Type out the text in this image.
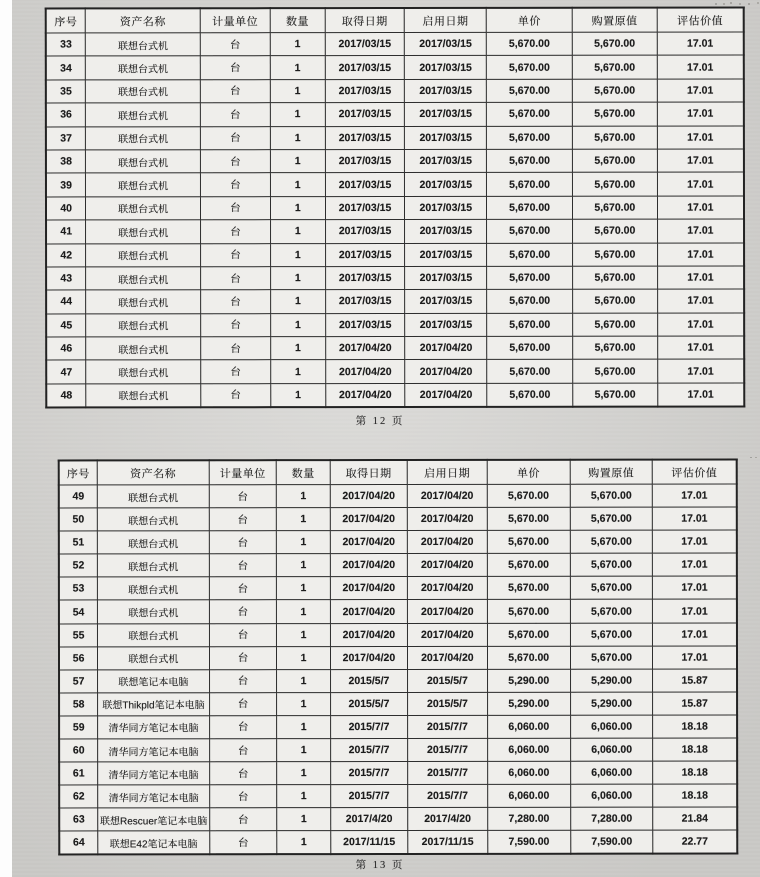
序号	资产名称	计量单位	数量	取得日期	启用日期	单价	购置原值	评估价值
33	联想台式机	台	1	2017/03/15	2017/03/15	5,670.00	5,670.00	17.01
34	联想台式机	台	1	2017/03/15	2017/03/15	5,670.00	5,670.00	17.01
35	联想台式机	台	1	2017/03/15	2017/03/15	5,670.00	5,670.00	17.01
36	联想台式机	台	1	2017/03/15	2017/03/15	5,670.00	5,670.00	17.01
37	联想台式机	台	1	2017/03/15	2017/03/15	5,670.00	5,670.00	17.01
38	联想台式机	台	1	2017/03/15	2017/03/15	5,670.00	5,670.00	17.01
39	联想台式机	台	1	2017/03/15	2017/03/15	5,670.00	5,670.00	17.01
40	联想台式机	台	1	2017/03/15	2017/03/15	5,670.00	5,670.00	17.01
41	联想台式机	台	1	2017/03/15	2017/03/15	5,670.00	5,670.00	17.01
42	联想台式机	台	1	2017/03/15	2017/03/15	5,670.00	5,670.00	17.01
43	联想台式机	台	1	2017/03/15	2017/03/15	5,670.00	5,670.00	17.01
44	联想台式机	台	1	2017/03/15	2017/03/15	5,670.00	5,670.00	17.01
45	联想台式机	台	1	2017/03/15	2017/03/15	5,670.00	5,670.00	17.01
46	联想台式机	台	1	2017/04/20	2017/04/20	5,670.00	5,670.00	17.01
47	联想台式机	台	1	2017/04/20	2017/04/20	5,670.00	5,670.00	17.01
48	联想台式机	台	1	2017/04/20	2017/04/20	5,670.00	5,670.00	17.01
第 12 页
序号	资产名称	计量单位	数量	取得日期	启用日期	单价	购置原值	评估价值
49	联想台式机	台	1	2017/04/20	2017/04/20	5,670.00	5,670.00	17.01
50	联想台式机	台	1	2017/04/20	2017/04/20	5,670.00	5,670.00	17.01
51	联想台式机	台	1	2017/04/20	2017/04/20	5,670.00	5,670.00	17.01
52	联想台式机	台	1	2017/04/20	2017/04/20	5,670.00	5,670.00	17.01
53	联想台式机	台	1	2017/04/20	2017/04/20	5,670.00	5,670.00	17.01
54	联想台式机	台	1	2017/04/20	2017/04/20	5,670.00	5,670.00	17.01
55	联想台式机	台	1	2017/04/20	2017/04/20	5,670.00	5,670.00	17.01
56	联想台式机	台	1	2017/04/20	2017/04/20	5,670.00	5,670.00	17.01
57	联想笔记本电脑	台	1	2015/5/7	2015/5/7	5,290.00	5,290.00	15.87
58	联想Thikpld笔记本电脑	台	1	2015/5/7	2015/5/7	5,290.00	5,290.00	15.87
59	清华同方笔记本电脑	台	1	2015/7/7	2015/7/7	6,060.00	6,060.00	18.18
60	清华同方笔记本电脑	台	1	2015/7/7	2015/7/7	6,060.00	6,060.00	18.18
61	清华同方笔记本电脑	台	1	2015/7/7	2015/7/7	6,060.00	6,060.00	18.18
62	清华同方笔记本电脑	台	1	2015/7/7	2015/7/7	6,060.00	6,060.00	18.18
63	联想Rescuer笔记本电脑	台	1	2017/4/20	2017/4/20	7,280.00	7,280.00	21.84
64	联想E42笔记本电脑	台	1	2017/11/15	2017/11/15	7,590.00	7,590.00	22.77
第 13 页
